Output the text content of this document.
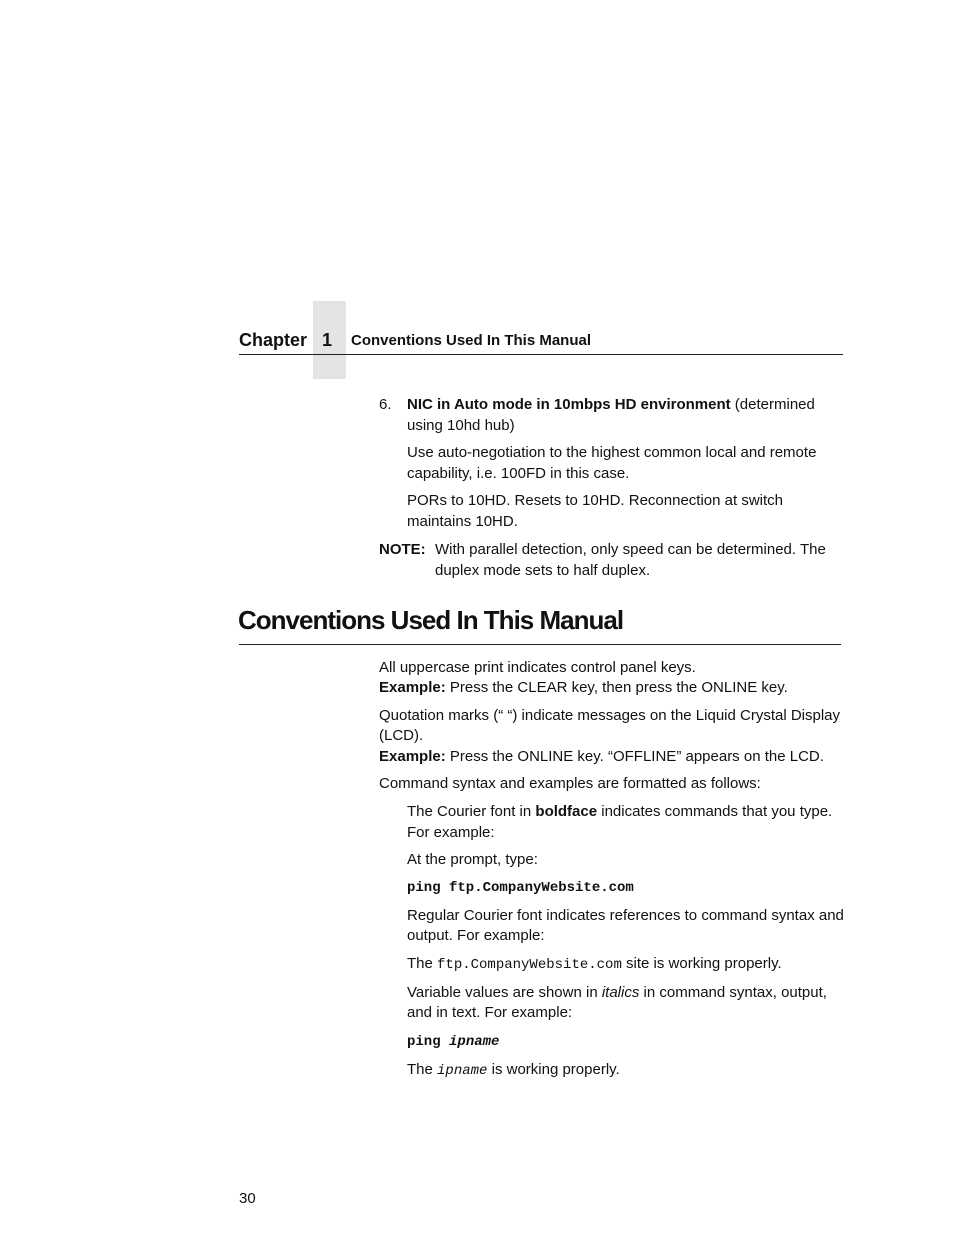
Chapter 1	Conventions Used In This Manual
6. NIC in Auto mode in 10mbps HD environment (determined using 10hd hub)

Use auto-negotiation to the highest common local and remote capability, i.e. 100FD in this case.

PORs to 10HD. Resets to 10HD. Reconnection at switch maintains 10HD.

NOTE: With parallel detection, only speed can be determined. The duplex mode sets to half duplex.
Conventions Used In This Manual

All uppercase print indicates control panel keys.
Example: Press the CLEAR key, then press the ONLINE key.

Quotation marks (“ “) indicate messages on the Liquid Crystal Display (LCD).
Example: Press the ONLINE key. “OFFLINE” appears on the LCD.

Command syntax and examples are formatted as follows:

The Courier font in boldface indicates commands that you type. For example:

At the prompt, type:

ping ftp.CompanyWebsite.com

Regular Courier font indicates references to command syntax and output. For example:

The ftp.CompanyWebsite.com site is working properly.

Variable values are shown in italics in command syntax, output, and in text. For example:

ping ipname

The ipname is working properly.

30
